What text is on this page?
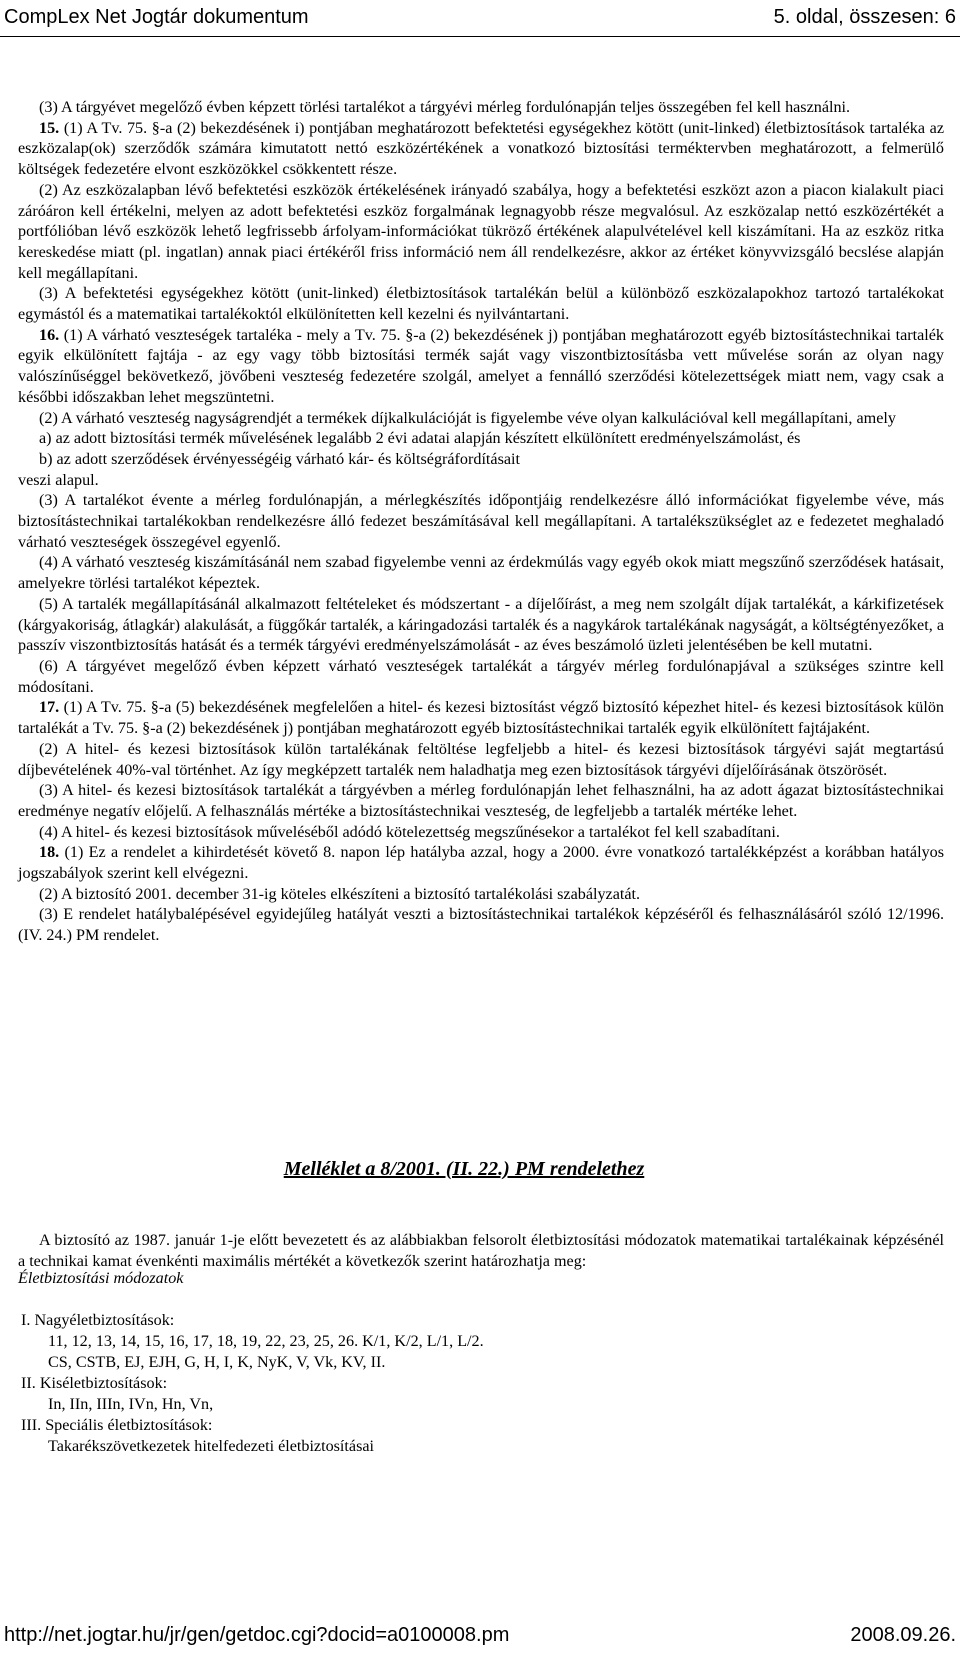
CompLex Net Jogtár dokumentum	5. oldal, összesen: 6

(3) A tárgyévet megelőző évben képzett törlési tartalékot a tárgyévi mérleg fordulónapján teljes összegében fel kell használni.

15. (1) A Tv. 75. §-a (2) bekezdésének i) pontjában meghatározott befektetési egységekhez kötött (unit-linked) életbiztosítások tartaléka az eszközalap(ok) szerződők számára kimutatott nettó eszközértékének a vonatkozó biztosítási terméktervben meghatározott, a felmerülő költségek fedezetére elvont eszközökkel csökkentett része.

(2) Az eszközalapban lévő befektetési eszközök értékelésének irányadó szabálya, hogy a befektetési eszközt azon a piacon kialakult piaci záróáron kell értékelni, melyen az adott befektetési eszköz forgalmának legnagyobb része megvalósul. Az eszközalap nettó eszközértékét a portfólióban lévő eszközök lehető legfrissebb árfolyam-információkat tükröző értékének alapulvételével kell kiszámítani. Ha az eszköz ritka kereskedése miatt (pl. ingatlan) annak piaci értékéről friss információ nem áll rendelkezésre, akkor az értéket könyvvizsgáló becslése alapján kell megállapítani.

(3) A befektetési egységekhez kötött (unit-linked) életbiztosítások tartalékán belül a különböző eszközalapokhoz tartozó tartalékokat egymástól és a matematikai tartalékoktól elkülönítetten kell kezelni és nyilvántartani.

16. (1) A várható veszteségek tartaléka - mely a Tv. 75. §-a (2) bekezdésének j) pontjában meghatározott egyéb biztosítástechnikai tartalék egyik elkülönített fajtája - az egy vagy több biztosítási termék saját vagy viszontbiztosításba vett művelése során az olyan nagy valószínűséggel bekövetkező, jövőbeni veszteség fedezetére szolgál, amelyet a fennálló szerződési kötelezettségek miatt nem, vagy csak a későbbi időszakban lehet megszüntetni.

(2) A várható veszteség nagyságrendjét a termékek díjkalkulációját is figyelembe véve olyan kalkulációval kell megállapítani, amely

a) az adott biztosítási termék művelésének legalább 2 évi adatai alapján készített elkülönített eredményelszámolást, és

b) az adott szerződések érvényességéig várható kár- és költségráfordításait

veszi alapul.

(3) A tartalékot évente a mérleg fordulónapján, a mérlegkészítés időpontjáig rendelkezésre álló információkat figyelembe véve, más biztosítástechnikai tartalékokban rendelkezésre álló fedezet beszámításával kell megállapítani. A tartalékszükséglet az e fedezetet meghaladó várható veszteségek összegével egyenlő.

(4) A várható veszteség kiszámításánál nem szabad figyelembe venni az érdekmúlás vagy egyéb okok miatt megszűnő szerződések hatásait, amelyekre törlési tartalékot képeztek.

(5) A tartalék megállapításánál alkalmazott feltételeket és módszertant - a díjelőírást, a meg nem szolgált díjak tartalékát, a kárkifizetések (kárgyakoriság, átlagkár) alakulását, a függőkár tartalék, a káringadozási tartalék és a nagykárok tartalékának nagyságát, a költségtényezőket, a passzív viszontbiztosítás hatását és a termék tárgyévi eredményelszámolását - az éves beszámoló üzleti jelentésében be kell mutatni.

(6) A tárgyévet megelőző évben képzett várható veszteségek tartalékát a tárgyév mérleg fordulónapjával a szükséges szintre kell módosítani.

17. (1) A Tv. 75. §-a (5) bekezdésének megfelelően a hitel- és kezesi biztosítást végző biztosító képezhet hitel- és kezesi biztosítások külön tartalékát a Tv. 75. §-a (2) bekezdésének j) pontjában meghatározott egyéb biztosítástechnikai tartalék egyik elkülönített fajtájaként.

(2) A hitel- és kezesi biztosítások külön tartalékának feltöltése legfeljebb a hitel- és kezesi biztosítások tárgyévi saját megtartású díjbevételének 40%-val történhet. Az így megképzett tartalék nem haladhatja meg ezen biztosítások tárgyévi díjelőírásának ötszörösét.

(3) A hitel- és kezesi biztosítások tartalékát a tárgyévben a mérleg fordulónapján lehet felhasználni, ha az adott ágazat biztosítástechnikai eredménye negatív előjelű. A felhasználás mértéke a biztosítástechnikai veszteség, de legfeljebb a tartalék mértéke lehet.

(4) A hitel- és kezesi biztosítások műveléséből adódó kötelezettség megszűnésekor a tartalékot fel kell szabadítani.

18. (1) Ez a rendelet a kihirdetését követő 8. napon lép hatályba azzal, hogy a 2000. évre vonatkozó tartalékképzést a korábban hatályos jogszabályok szerint kell elvégezni.

(2) A biztosító 2001. december 31-ig köteles elkészíteni a biztosító tartalékolási szabályzatát.

(3) E rendelet hatálybalépésével egyidejűleg hatályát veszti a biztosítástechnikai tartalékok képzéséről és felhasználásáról szóló 12/1996. (IV. 24.) PM rendelet.

Melléklet a 8/2001. (II. 22.) PM rendelethez

A biztosító az 1987. január 1-je előtt bevezetett és az alábbiakban felsorolt életbiztosítási módozatok matematikai tartalékainak képzésénél a technikai kamat évenkénti maximális mértékét a következők szerint határozhatja meg:

Életbiztosítási módozatok
I. Nagyéletbiztosítások:
11, 12, 13, 14, 15, 16, 17, 18, 19, 22, 23, 25, 26. K/1, K/2, L/1, L/2.
CS, CSTB, EJ, EJH, G, H, I, K, NyK, V, Vk, KV, II.
II. Kiséletbiztosítások:
In, IIn, IIIn, IVn, Hn, Vn,
III. Speciális életbiztosítások:
Takarékszövetkezetek hitelfedezeti életbiztosításai
http://net.jogtar.hu/jr/gen/getdoc.cgi?docid=a0100008.pm	2008.09.26.
